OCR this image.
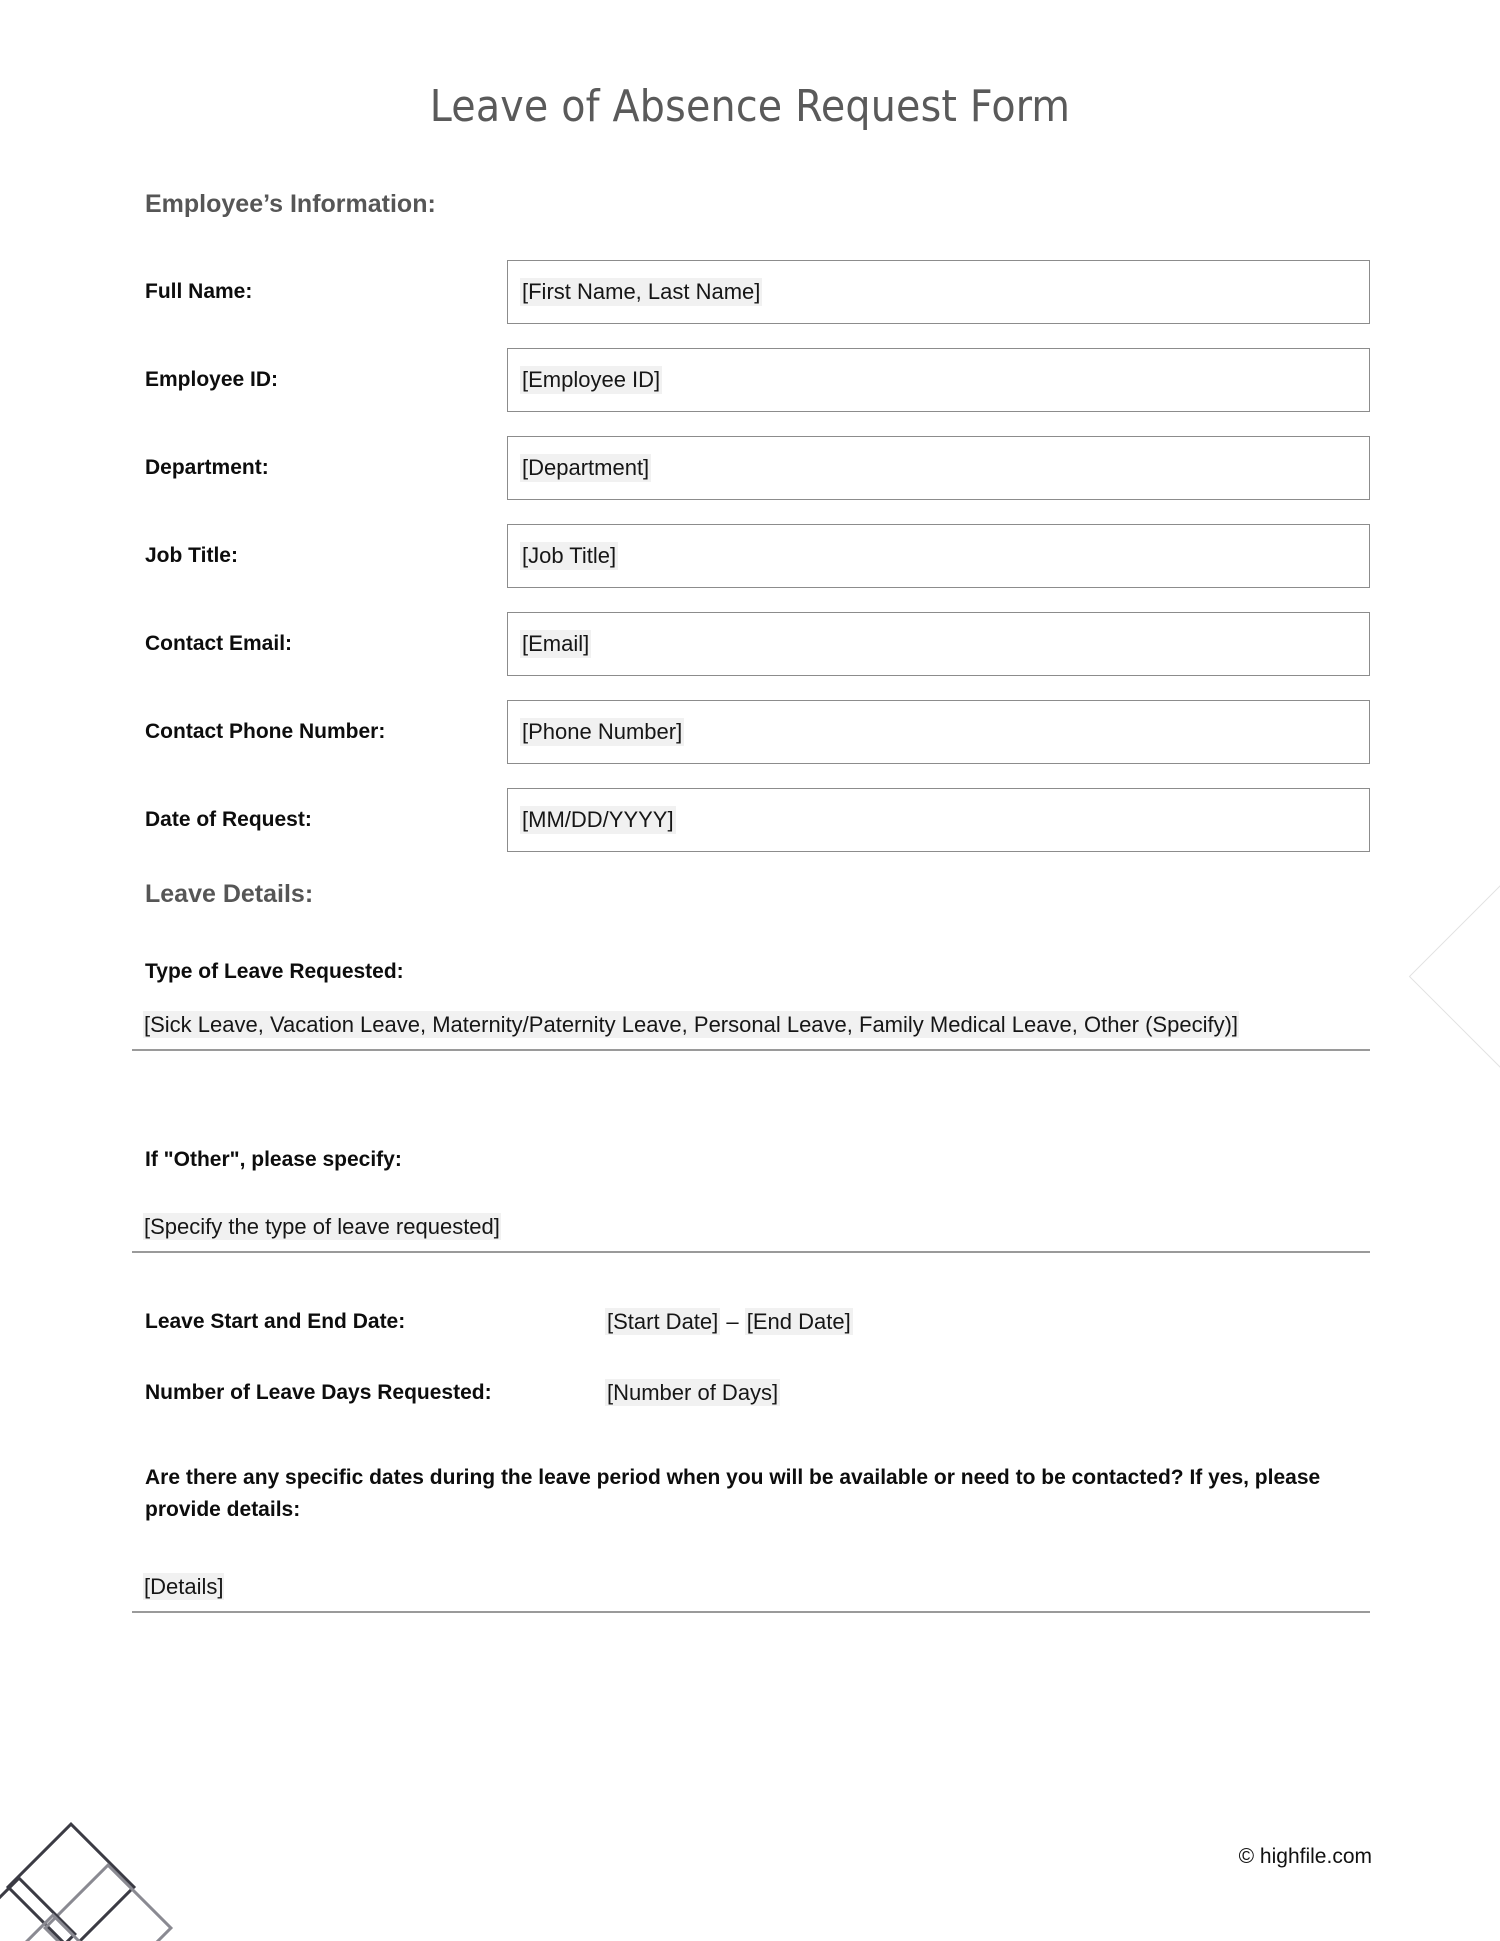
Leave of Absence Request Form
Employee’s Information:
Full Name:	[First Name, Last Name]
Employee ID:	[Employee ID]
Department:	[Department]
Job Title:	[Job Title]
Contact Email:	[Email]
Contact Phone Number:	[Phone Number]
Date of Request:	[MM/DD/YYYY]
Leave Details:
Type of Leave Requested:
[Sick Leave, Vacation Leave, Maternity/Paternity Leave, Personal Leave, Family Medical Leave, Other (Specify)]
If "Other", please specify:
[Specify the type of leave requested]
Leave Start and End Date:	[Start Date] – [End Date]
Number of Leave Days Requested:	[Number of Days]
Are there any specific dates during the leave period when you will be available or need to be contacted? If yes, please provide details:
[Details]
© highfile.com
